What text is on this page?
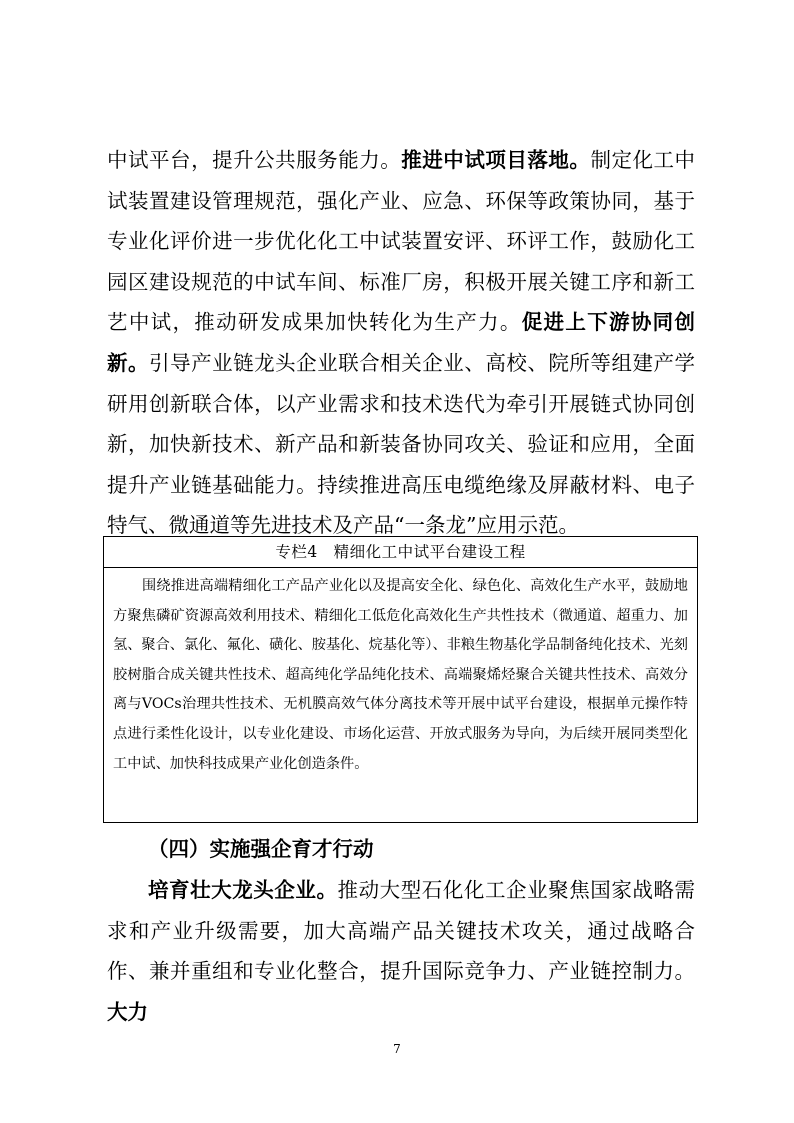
中试平台，提升公共服务能力。推进中试项目落地。制定化工中试装置建设管理规范，强化产业、应急、环保等政策协同，基于专业化评价进一步优化化工中试装置安评、环评工作，鼓励化工园区建设规范的中试车间、标准厂房，积极开展关键工序和新工艺中试，推动研发成果加快转化为生产力。促进上下游协同创新。引导产业链龙头企业联合相关企业、高校、院所等组建产学研用创新联合体，以产业需求和技术迭代为牵引开展链式协同创新，加快新技术、新产品和新装备协同攻关、验证和应用，全面提升产业链基础能力。持续推进高压电缆绝缘及屏蔽材料、电子特气、微通道等先进技术及产品“一条龙”应用示范。

专栏4　精细化工中试平台建设工程
围绕推进高端精细化工产品产业化以及提高安全化、绿色化、高效化生产水平，鼓励地方聚焦磷矿资源高效利用技术、精细化工低危化高效化生产共性技术（微通道、超重力、加氢、聚合、氯化、氟化、磺化、胺基化、烷基化等）、非粮生物基化学品制备纯化技术、光刻胶树脂合成关键共性技术、超高纯化学品纯化技术、高端聚烯烃聚合关键共性技术、高效分离与VOCs治理共性技术、无机膜高效气体分离技术等开展中试平台建设，根据单元操作特点进行柔性化设计，以专业化建设、市场化运营、开放式服务为导向，为后续开展同类型化工中试、加快科技成果产业化创造条件。
（四）实施强企育才行动

培育壮大龙头企业。推动大型石化化工企业聚焦国家战略需求和产业升级需要，加大高端产品关键技术攻关，通过战略合作、兼并重组和专业化整合，提升国际竞争力、产业链控制力。大力

7
